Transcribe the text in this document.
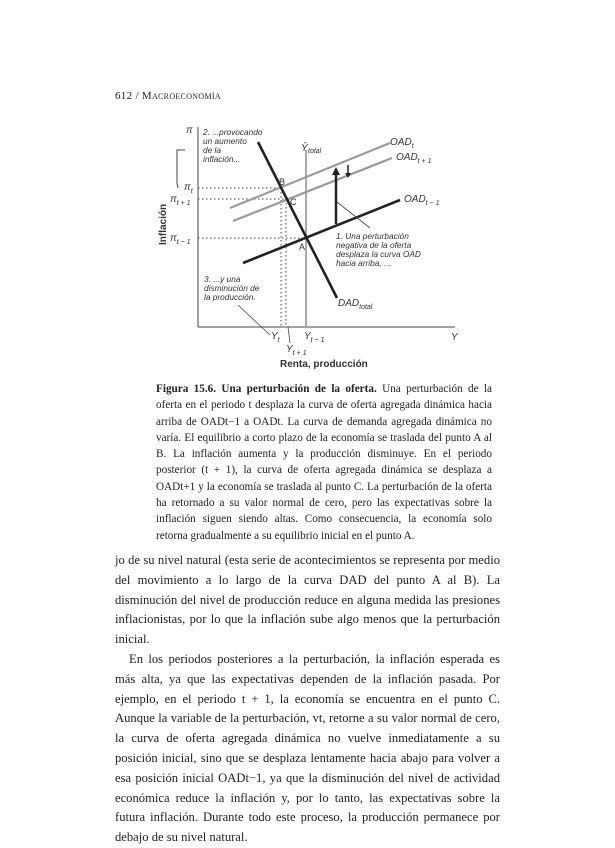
612 / Macroeconomía
π
Y
Inflación
Renta, producción
Ȳ total
$OAD_t$
$OAD_{t + 1}$
$OAD_{t - 1}$
$DAD_{total}$
B
C
A
$\pi_t$
$\pi_{t + 1}$
$\pi_{t - 1}$
$Y_t$
$Y_{t + 1}$
$Y_{t - 1}$
2. ...provocando
un aumento
de la
inflación...
1. Una perturbación
negativa de la oferta
desplaza la curva OAD
hacia arriba, ...
3. ...y una
disminución de
la producción.
Figura 15.6. Una perturbación de la oferta. Una perturbación de la oferta en el periodo t desplaza la curva de oferta agregada dinámica hacia arriba de OADt−1 a OADt. La curva de demanda agregada dinámica no varía. El equilibrio a corto plazo de la economía se traslada del punto A al B. La inflación aumenta y la producción disminuye. En el periodo posterior (t + 1), la curva de oferta agregada dinámica se desplaza a OADt+1 y la economía se traslada al punto C. La perturbación de la oferta ha retornado a su valor normal de cero, pero las expectativas sobre la inflación siguen siendo altas. Como consecuencia, la economía solo retorna gradualmente a su equilibrio inicial en el punto A.

jo de su nivel natural (esta serie de acontecimientos se representa por medio del movimiento a lo largo de la curva DAD del punto A al B). La disminución del nivel de producción reduce en alguna medida las presiones inflacionistas, por lo que la inflación sube algo menos que la perturbación inicial.

En los periodos posteriores a la perturbación, la inflación esperada es más alta, ya que las expectativas dependen de la inflación pasada. Por ejemplo, en el periodo t + 1, la economía se encuentra en el punto C. Aunque la variable de la perturbación, vt, retorne a su valor normal de cero, la curva de oferta agregada dinámica no vuelve inmediatamente a su posición inicial, sino que se desplaza lentamente hacia abajo para volver a esa posición inicial OADt−1, ya que la disminución del nivel de actividad económica reduce la inflación y, por lo tanto, las expectativas sobre la futura inflación. Durante todo este proceso, la producción permanece por debajo de su nivel natural.
